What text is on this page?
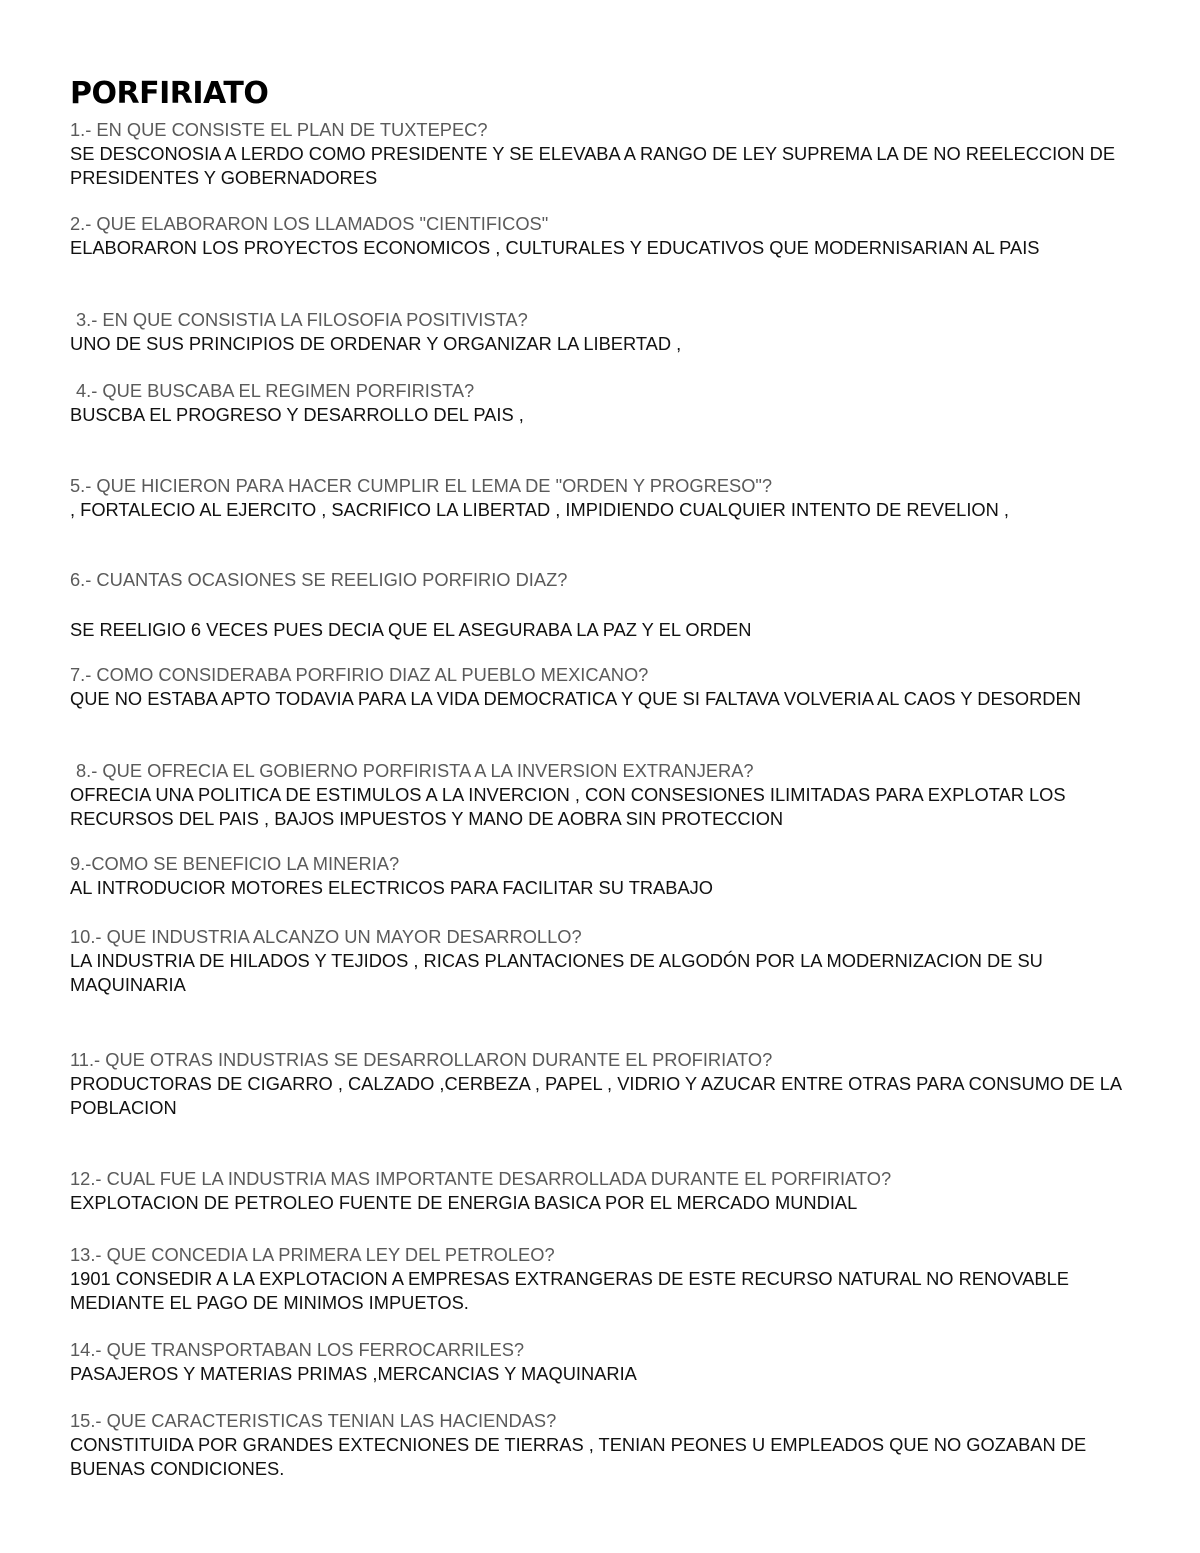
PORFIRIATO
1.- EN QUE CONSISTE EL PLAN DE TUXTEPEC?
SE DESCONOSIA A LERDO COMO PRESIDENTE Y SE ELEVABA A RANGO DE LEY SUPREMA LA DE NO REELECCION DE PRESIDENTES Y GOBERNADORES
2.- QUE ELABORARON LOS LLAMADOS "CIENTIFICOS"
ELABORARON LOS PROYECTOS ECONOMICOS , CULTURALES Y EDUCATIVOS QUE MODERNISARIAN AL PAIS
3.- EN QUE CONSISTIA LA FILOSOFIA POSITIVISTA?
UNO DE SUS PRINCIPIOS DE ORDENAR Y ORGANIZAR LA LIBERTAD ,
4.- QUE BUSCABA EL REGIMEN PORFIRISTA?
BUSCBA EL PROGRESO Y DESARROLLO DEL PAIS ,
5.- QUE HICIERON PARA HACER CUMPLIR EL LEMA DE "ORDEN Y PROGRESO"?
, FORTALECIO AL EJERCITO , SACRIFICO LA LIBERTAD , IMPIDIENDO CUALQUIER INTENTO DE REVELION ,
6.- CUANTAS OCASIONES SE REELIGIO PORFIRIO DIAZ?
SE REELIGIO 6 VECES PUES DECIA QUE EL ASEGURABA LA PAZ Y EL ORDEN
7.- COMO CONSIDERABA PORFIRIO DIAZ AL PUEBLO MEXICANO?
QUE NO ESTABA APTO TODAVIA PARA LA VIDA DEMOCRATICA Y QUE SI FALTAVA VOLVERIA AL CAOS Y DESORDEN
8.- QUE OFRECIA EL GOBIERNO PORFIRISTA A LA INVERSION EXTRANJERA?
OFRECIA UNA POLITICA DE ESTIMULOS A LA INVERCION , CON CONSESIONES ILIMITADAS PARA EXPLOTAR LOS RECURSOS DEL PAIS , BAJOS IMPUESTOS Y MANO DE AOBRA SIN PROTECCION
9.-COMO SE BENEFICIO LA MINERIA?
AL INTRODUCIOR MOTORES ELECTRICOS PARA FACILITAR SU TRABAJO
10.- QUE INDUSTRIA ALCANZO UN MAYOR DESARROLLO?
LA INDUSTRIA DE HILADOS Y TEJIDOS , RICAS PLANTACIONES DE ALGODÓN POR LA MODERNIZACION DE SU MAQUINARIA
11.- QUE OTRAS INDUSTRIAS SE DESARROLLARON DURANTE EL PROFIRIATO?
PRODUCTORAS DE CIGARRO , CALZADO ,CERBEZA , PAPEL , VIDRIO Y AZUCAR ENTRE OTRAS PARA CONSUMO DE LA POBLACION
12.- CUAL FUE LA INDUSTRIA MAS IMPORTANTE DESARROLLADA DURANTE EL PORFIRIATO?
EXPLOTACION DE PETROLEO FUENTE DE ENERGIA BASICA POR EL MERCADO MUNDIAL
13.- QUE CONCEDIA LA PRIMERA LEY DEL PETROLEO?
1901 CONSEDIR A LA EXPLOTACION A EMPRESAS EXTRANGERAS DE ESTE RECURSO NATURAL NO RENOVABLE MEDIANTE EL PAGO DE MINIMOS IMPUETOS.
14.- QUE TRANSPORTABAN LOS FERROCARRILES?
PASAJEROS Y MATERIAS PRIMAS ,MERCANCIAS Y MAQUINARIA
15.- QUE CARACTERISTICAS TENIAN LAS HACIENDAS?
CONSTITUIDA POR GRANDES EXTECNIONES DE TIERRAS , TENIAN PEONES U EMPLEADOS QUE NO GOZABAN DE BUENAS CONDICIONES.
